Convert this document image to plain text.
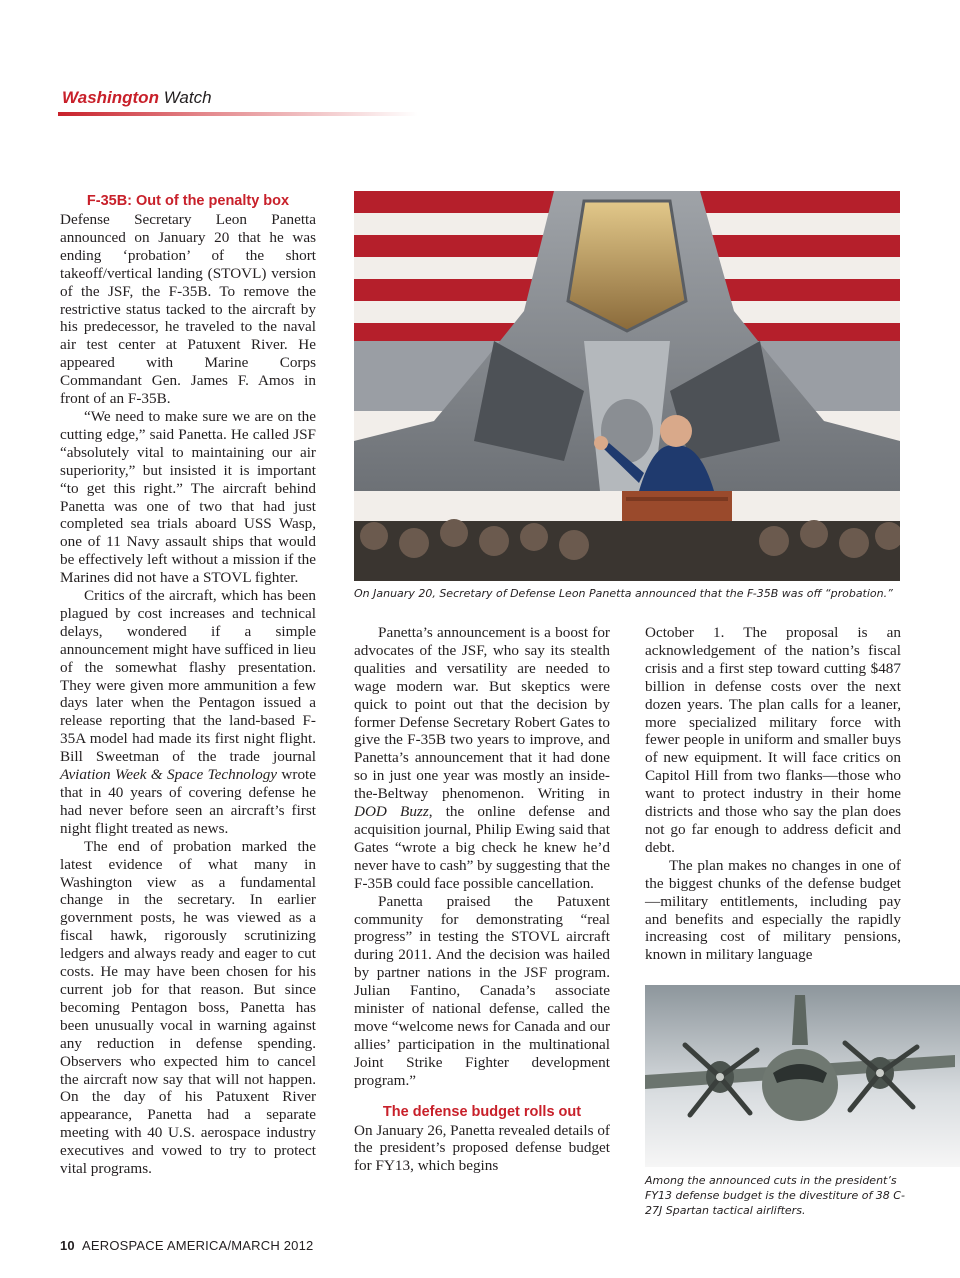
Washington Watch
F-35B: Out of the penalty box

Defense Secretary Leon Panetta announced on January 20 that he was ending ‘probation’ of the short takeoff/vertical landing (STOVL) version of the JSF, the F-35B. To remove the restrictive status tacked to the aircraft by his predecessor, he traveled to the naval air test center at Patuxent River. He appeared with Marine Corps Commandant Gen. James F. Amos in front of an F-35B.

“We need to make sure we are on the cutting edge,” said Panetta. He called JSF “absolutely vital to maintaining our air superiority,” but insisted it is important “to get this right.” The aircraft behind Panetta was one of two that had just completed sea trials aboard USS Wasp, one of 11 Navy assault ships that would be effectively left without a mission if the Marines did not have a STOVL fighter.

Critics of the aircraft, which has been plagued by cost increases and technical delays, wondered if a simple announcement might have sufficed in lieu of the somewhat flashy presentation. They were given more ammunition a few days later when the Pentagon issued a release reporting that the land-based F-35A model had made its first night flight. Bill Sweetman of the trade journal Aviation Week & Space Technology wrote that in 40 years of covering defense he had never before seen an aircraft’s first night flight treated as news.

The end of probation marked the latest evidence of what many in Washington view as a fundamental change in the secretary. In earlier government posts, he was viewed as a fiscal hawk, rigorously scrutinizing ledgers and always ready and eager to cut costs. He may have been chosen for his current job for that reason. But since becoming Pentagon boss, Panetta has been unusually vocal in warning against any reduction in defense spending. Observers who expected him to cancel the aircraft now say that will not happen. On the day of his Patuxent River appearance, Panetta had a separate meeting with 40 U.S. aerospace industry executives and vowed to try to protect vital programs.

On January 20, Secretary of Defense Leon Panetta announced that the F-35B was off “probation.”

Panetta’s announcement is a boost for advocates of the JSF, who say its stealth qualities and versatility are needed to wage modern war. But skeptics were quick to point out that the decision by former Defense Secretary Robert Gates to give the F-35B two years to improve, and Panetta’s announcement that it had done so in just one year was mostly an inside-the-Beltway phenomenon. Writing in DOD Buzz, the online defense and acquisition journal, Philip Ewing said that Gates “wrote a big check he knew he’d never have to cash” by suggesting that the F-35B could face possible cancellation.

Panetta praised the Patuxent community for demonstrating “real progress” in testing the STOVL aircraft during 2011. And the decision was hailed by partner nations in the JSF program. Julian Fantino, Canada’s associate minister of national defense, called the move “welcome news for Canada and our allies’ participation in the multinational Joint Strike Fighter development program.”

The defense budget rolls out

On January 26, Panetta revealed details of the president’s proposed defense budget for FY13, which begins

October 1. The proposal is an acknowledgement of the nation’s fiscal crisis and a first step toward cutting $487 billion in defense costs over the next dozen years. The plan calls for a leaner, more specialized military force with fewer people in uniform and smaller buys of new equipment. It will face critics on Capitol Hill from two flanks—those who want to protect industry in their home districts and those who say the plan does not go far enough to address deficit and debt.

The plan makes no changes in one of the biggest chunks of the defense budget—military entitlements, including pay and benefits and especially the rapidly increasing cost of military pensions, known in military language

Among the announced cuts in the president’s FY13 defense budget is the divestiture of 38 C-27J Spartan tactical airlifters.
10 AEROSPACE AMERICA/MARCH 2012
